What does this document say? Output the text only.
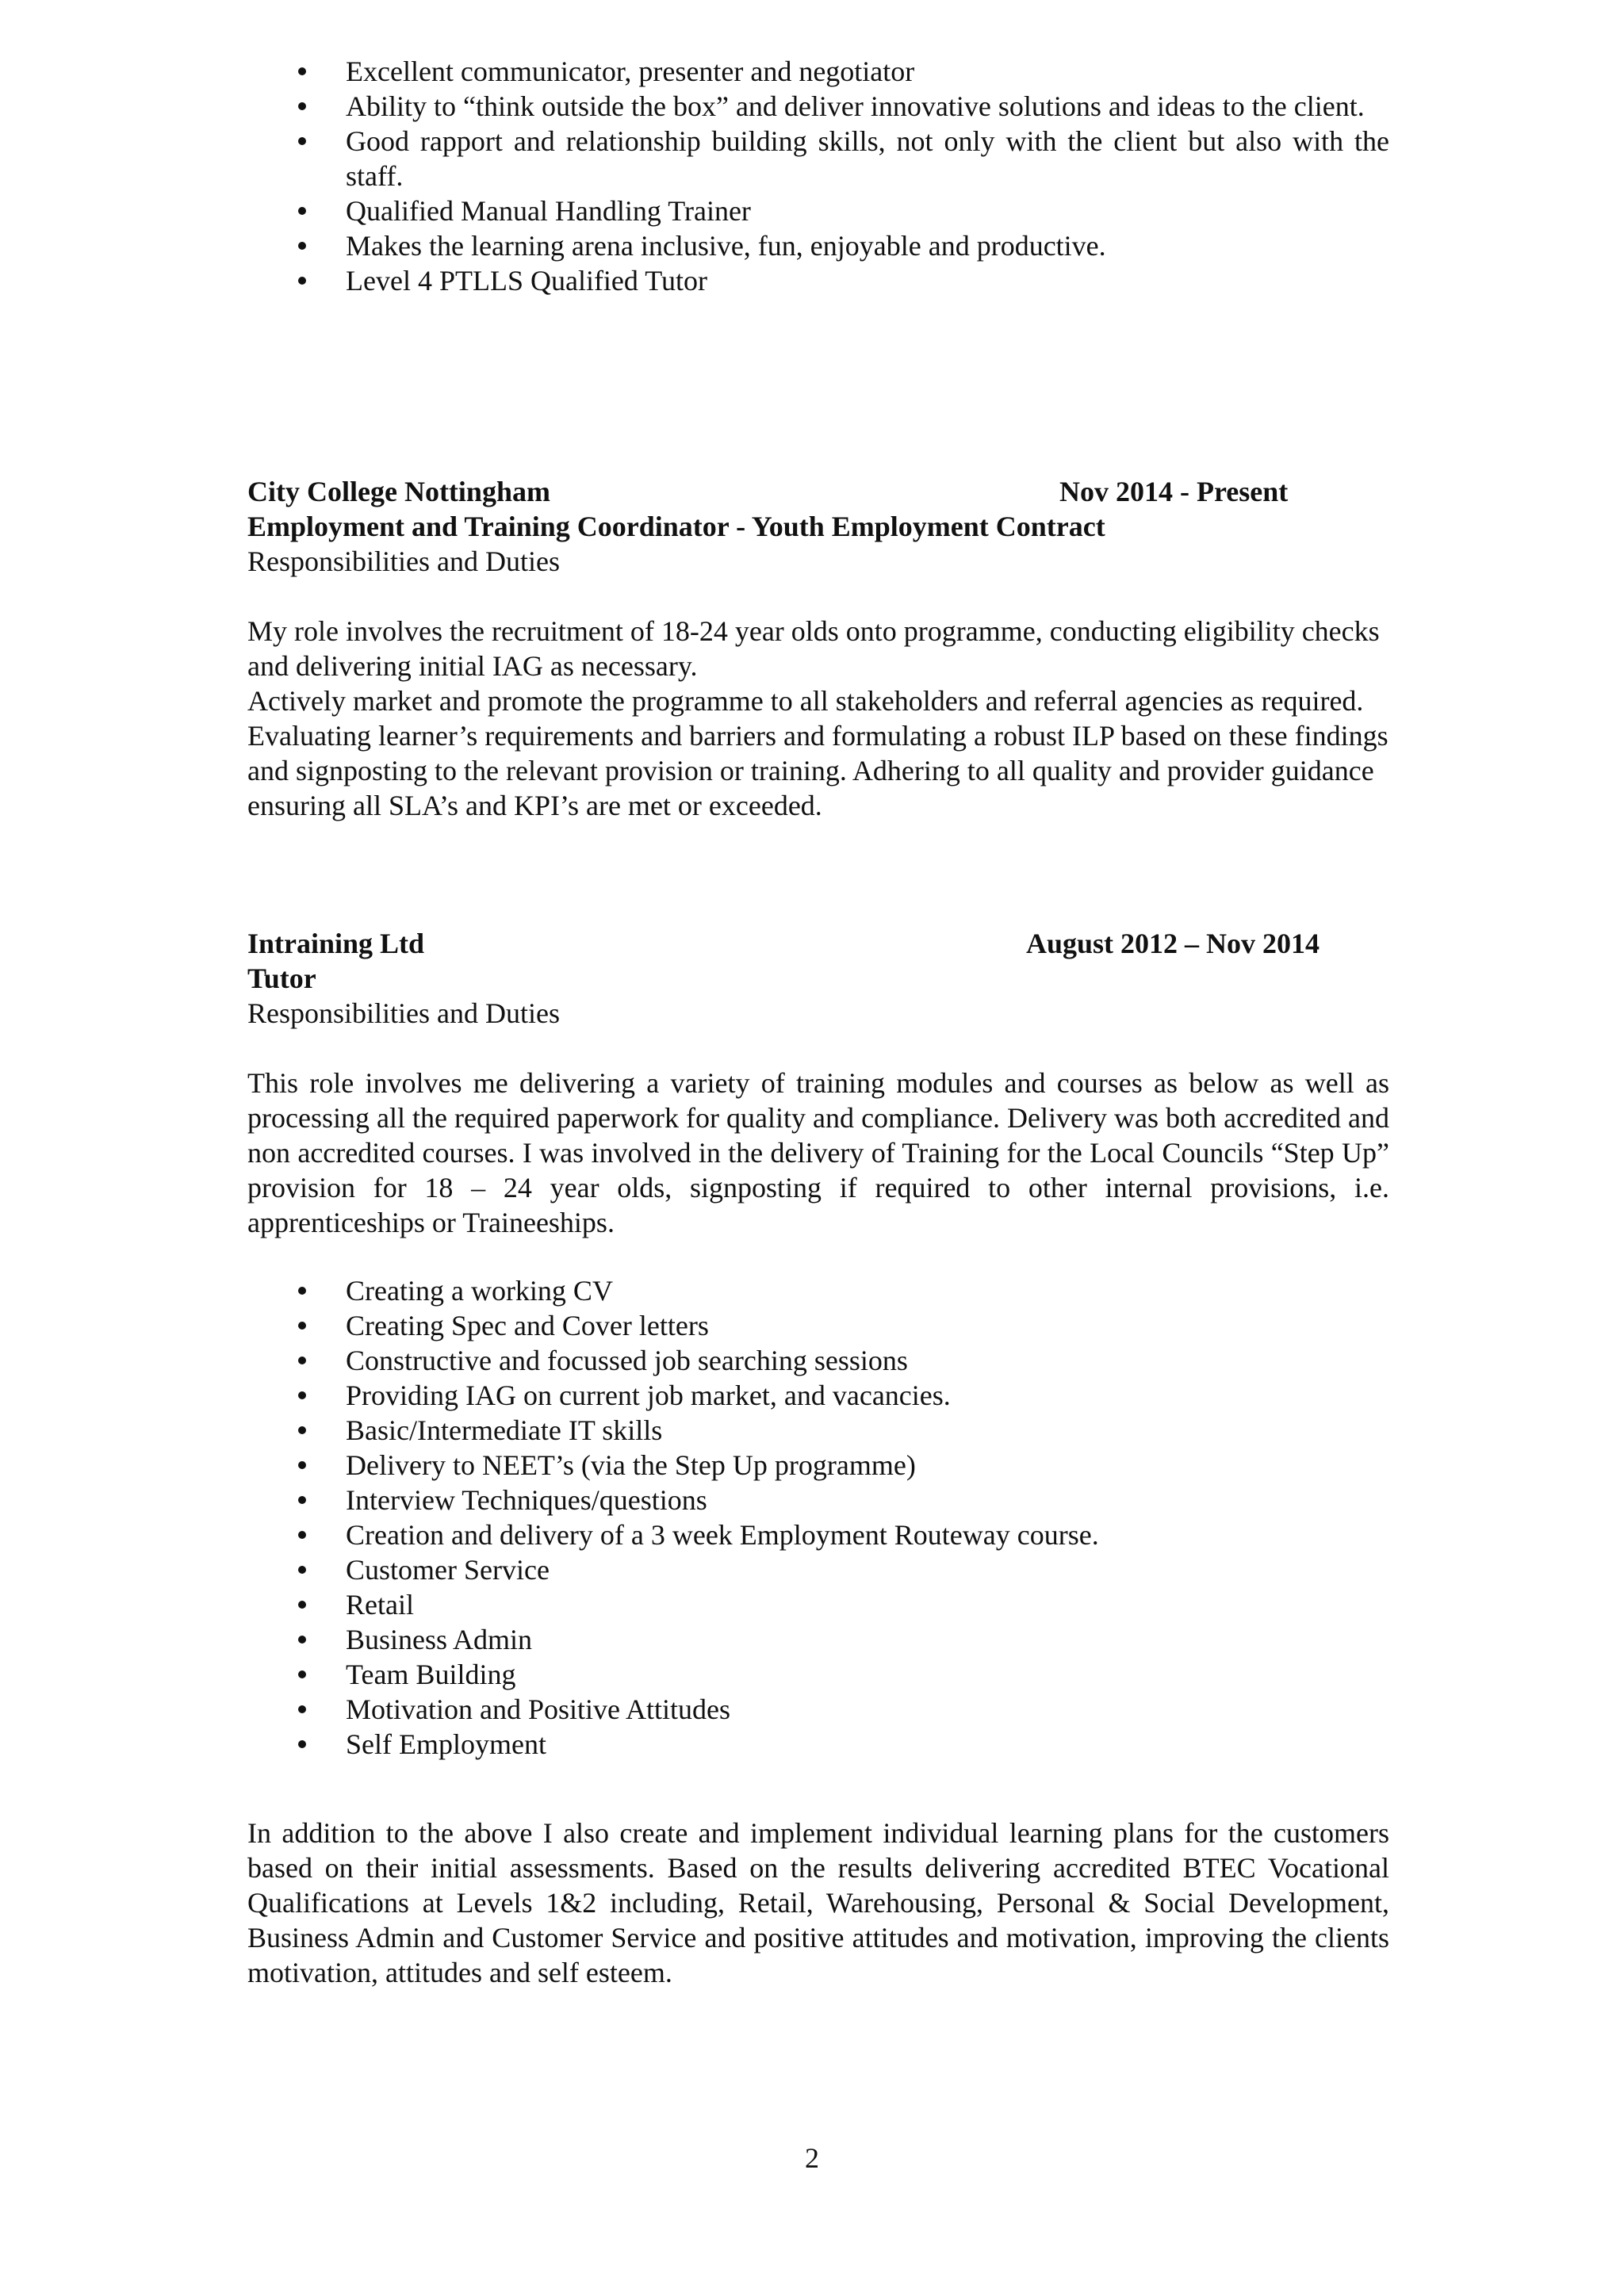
Excellent communicator, presenter and negotiator
Ability to “think outside the box” and deliver innovative solutions and ideas to the client.
Good rapport and relationship building skills, not only with the client but also with the staff.
Qualified Manual Handling Trainer
Makes the learning arena inclusive, fun, enjoyable and productive.
Level 4 PTLLS Qualified Tutor
City College Nottingham	Nov 2014 - Present
Employment and Training Coordinator - Youth Employment Contract
Responsibilities and Duties

My role involves the recruitment of 18-24 year olds onto programme, conducting eligibility checks and delivering initial IAG as necessary.

Actively market and promote the programme to all stakeholders and referral agencies as required.

Evaluating learner’s requirements and barriers and formulating a robust ILP based on these findings and signposting to the relevant provision or training. Adhering to all quality and provider guidance ensuring all SLA’s and KPI’s are met or exceeded.

Intraining Ltd	August 2012 – Nov 2014
Tutor
Responsibilities and Duties

This role involves me delivering a variety of training modules and courses as below as well as processing all the required paperwork for quality and compliance. Delivery was both accredited and non accredited courses. I was involved in the delivery of Training for the Local Councils “Step Up” provision for 18 – 24 year olds, signposting if required to other internal provisions, i.e. apprenticeships or Traineeships.

Creating a working CV
Creating Spec and Cover letters
Constructive and focussed job searching sessions
Providing IAG on current job market, and vacancies.
Basic/Intermediate IT skills
Delivery to NEET’s (via the Step Up programme)
Interview Techniques/questions
Creation and delivery of a 3 week Employment Routeway course.
Customer Service
Retail
Business Admin
Team Building
Motivation and Positive Attitudes
Self Employment

In addition to the above I also create and implement individual learning plans for the customers based on their initial assessments. Based on the results delivering accredited BTEC Vocational Qualifications at Levels 1&2 including, Retail, Warehousing, Personal & Social Development, Business Admin and Customer Service and positive attitudes and motivation, improving the clients motivation, attitudes and self esteem.

2
